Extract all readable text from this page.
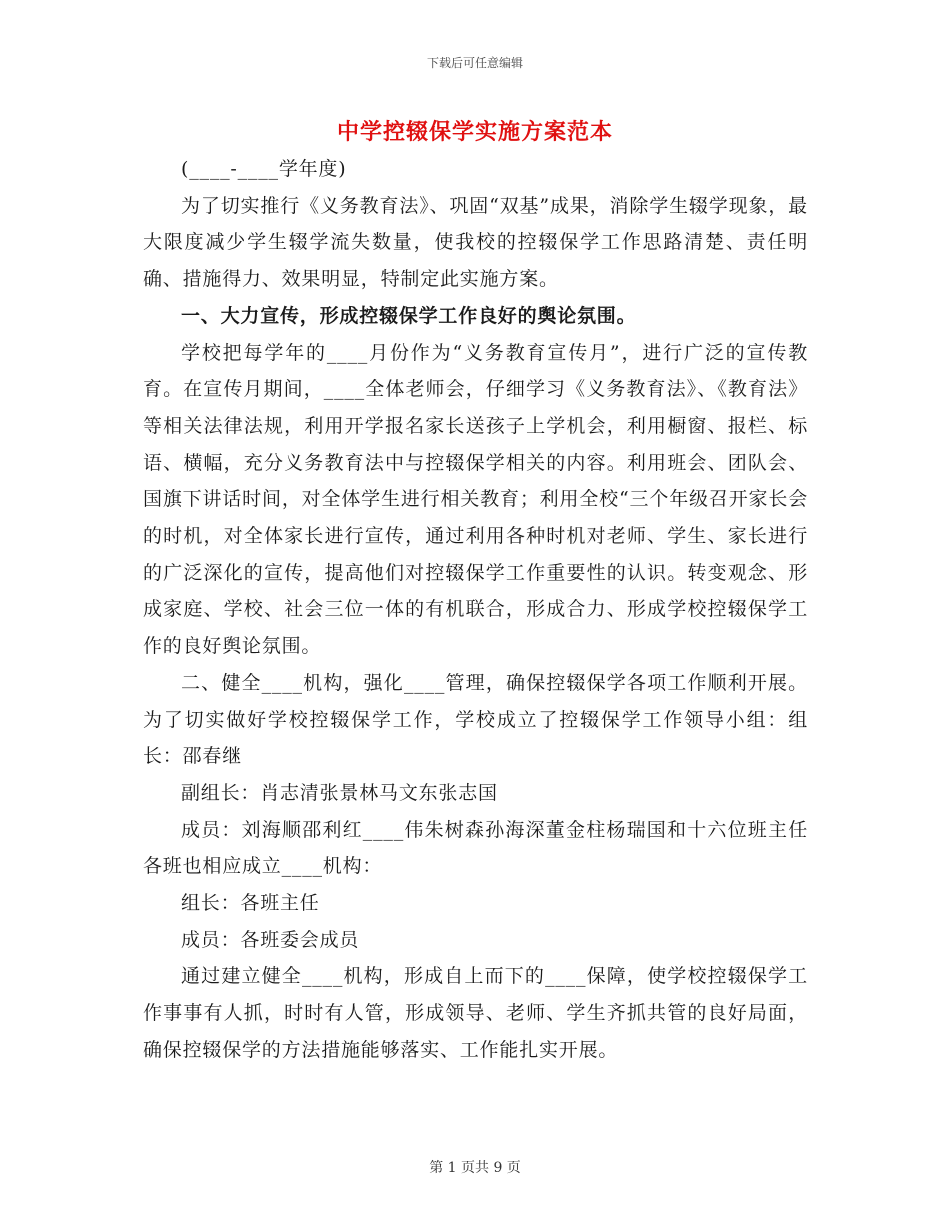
下载后可任意编辑
中学控辍保学实施方案范本

(____-____学年度)

为了切实推行《义务教育法》、巩固“双基”成果，消除学生辍学现象，最大限度减少学生辍学流失数量，使我校的控辍保学工作思路清楚、责任明确、措施得力、效果明显，特制定此实施方案。

一、大力宣传，形成控辍保学工作良好的舆论氛围。

学校把每学年的____月份作为“义务教育宣传月”，进行广泛的宣传教育。在宣传月期间，____全体老师会，仔细学习《义务教育法》、《教育法》等相关法律法规，利用开学报名家长送孩子上学机会，利用橱窗、报栏、标语、横幅，充分义务教育法中与控辍保学相关的内容。利用班会、团队会、国旗下讲话时间，对全体学生进行相关教育；利用全校“三个年级召开家长会的时机，对全体家长进行宣传，通过利用各种时机对老师、学生、家长进行的广泛深化的宣传，提高他们对控辍保学工作重要性的认识。转变观念、形成家庭、学校、社会三位一体的有机联合，形成合力、形成学校控辍保学工作的良好舆论氛围。

二、健全____机构，强化____管理，确保控辍保学各项工作顺利开展。为了切实做好学校控辍保学工作，学校成立了控辍保学工作领导小组：组长：邵春继

副组长：肖志清张景林马文东张志国

成员：刘海顺邵利红____伟朱树森孙海深董金柱杨瑞国和十六位班主任各班也相应成立____机构：

组长：各班主任

成员：各班委会成员

通过建立健全____机构，形成自上而下的____保障，使学校控辍保学工作事事有人抓，时时有人管，形成领导、老师、学生齐抓共管的良好局面，确保控辍保学的方法措施能够落实、工作能扎实开展。

第 1 页共 9 页
